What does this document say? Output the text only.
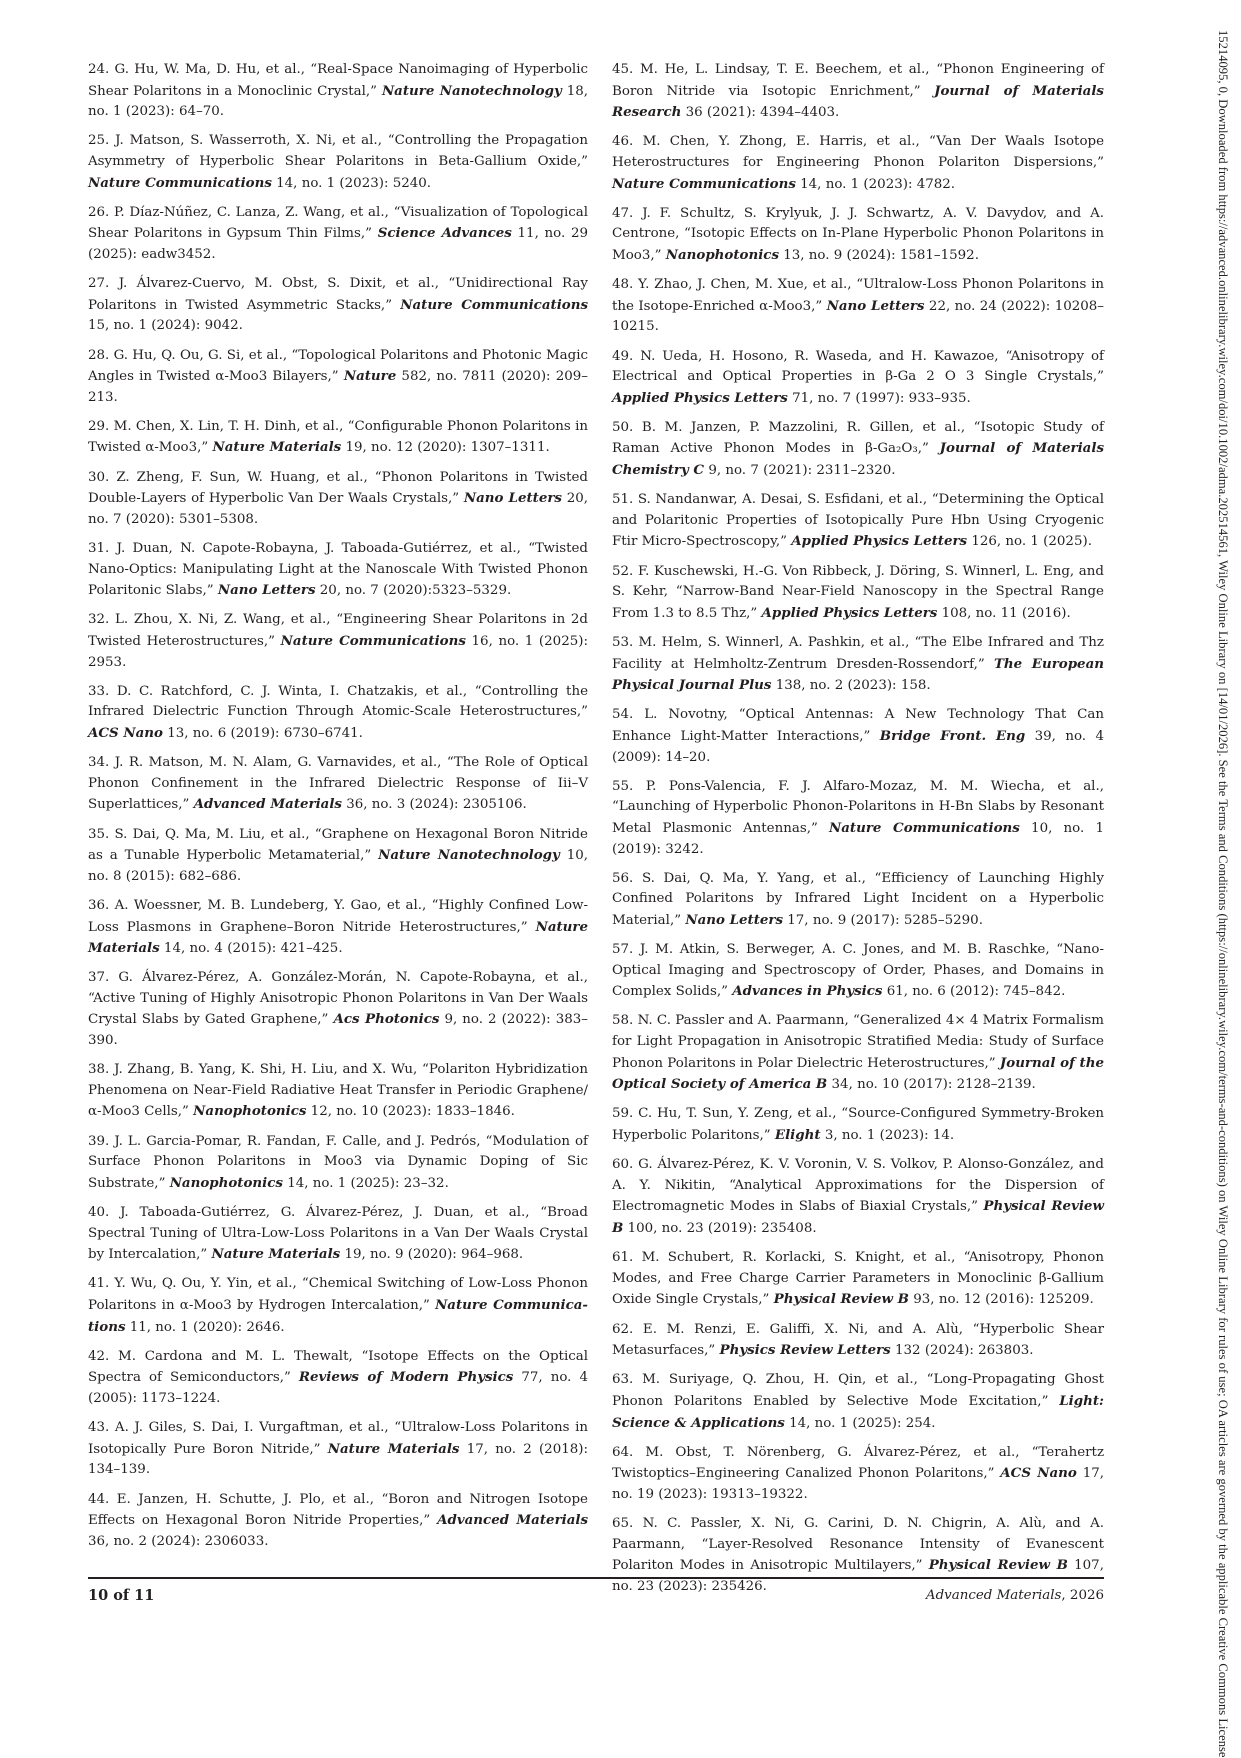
24. G. Hu, W. Ma, D. Hu, et al., “Real-Space Nanoimaging of Hyperbolic Shear Polaritons in a Monoclinic Crystal,” Nature Nanotechnology 18, no. 1 (2023): 64–70.

25. J. Matson, S. Wasserroth, X. Ni, et al., “Controlling the Propagation Asymmetry of Hyperbolic Shear Polaritons in Beta-Gallium Oxide,” Nature Communications 14, no. 1 (2023): 5240.

26. P. Díaz-Núñez, C. Lanza, Z. Wang, et al., “Visualization of Topological Shear Polaritons in Gypsum Thin Films,” Science Advances 11, no. 29 (2025): eadw3452.

27. J. Álvarez-Cuervo, M. Obst, S. Dixit, et al., “Unidirectional Ray Polaritons in Twisted Asymmetric Stacks,” Nature Communications 15, no. 1 (2024): 9042.

28. G. Hu, Q. Ou, G. Si, et al., “Topological Polaritons and Photonic Magic Angles in Twisted α-Moo3 Bilayers,” Nature 582, no. 7811 (2020): 209–213.

29. M. Chen, X. Lin, T. H. Dinh, et al., “Configurable Phonon Polaritons in Twisted α-Moo3,” Nature Materials 19, no. 12 (2020): 1307–1311.

30. Z. Zheng, F. Sun, W. Huang, et al., “Phonon Polaritons in Twisted Double-Layers of Hyperbolic Van Der Waals Crystals,” Nano Letters 20, no. 7 (2020): 5301–5308.

31. J. Duan, N. Capote-Robayna, J. Taboada-Gutiérrez, et al., “Twisted Nano-Optics: Manipulating Light at the Nanoscale With Twisted Phonon Polaritonic Slabs,” Nano Letters 20, no. 7 (2020):5323–5329.

32. L. Zhou, X. Ni, Z. Wang, et al., “Engineering Shear Polaritons in 2d Twisted Heterostructures,” Nature Communications 16, no. 1 (2025): 2953.

33. D. C. Ratchford, C. J. Winta, I. Chatzakis, et al., “Controlling the Infrared Dielectric Function Through Atomic-Scale Heterostructures,” ACS Nano 13, no. 6 (2019): 6730–6741.

34. J. R. Matson, M. N. Alam, G. Varnavides, et al., “The Role of Optical Phonon Confinement in the Infrared Dielectric Response of Iii–V Superlattices,” Advanced Materials 36, no. 3 (2024): 2305106.

35. S. Dai, Q. Ma, M. Liu, et al., “Graphene on Hexagonal Boron Nitride as a Tunable Hyperbolic Metamaterial,” Nature Nanotechnology 10, no. 8 (2015): 682–686.

36. A. Woessner, M. B. Lundeberg, Y. Gao, et al., “Highly Confined Low-Loss Plasmons in Graphene–Boron Nitride Heterostructures,” Nature Materials 14, no. 4 (2015): 421–425.

37. G. Álvarez-Pérez, A. González-Morán, N. Capote-Robayna, et al., “Active Tuning of Highly Anisotropic Phonon Polaritons in Van Der Waals Crystal Slabs by Gated Graphene,” Acs Photonics 9, no. 2 (2022): 383–390.

38. J. Zhang, B. Yang, K. Shi, H. Liu, and X. Wu, “Polariton Hybridization Phenomena on Near-Field Radiative Heat Transfer in Periodic Graphene/α-Moo3 Cells,” Nanophotonics 12, no. 10 (2023): 1833–1846.

39. J. L. Garcia-Pomar, R. Fandan, F. Calle, and J. Pedrós, “Modulation of Surface Phonon Polaritons in Moo3 via Dynamic Doping of Sic Substrate,” Nanophotonics 14, no. 1 (2025): 23–32.

40. J. Taboada-Gutiérrez, G. Álvarez-Pérez, J. Duan, et al., “Broad Spectral Tuning of Ultra-Low-Loss Polaritons in a Van Der Waals Crystal by Intercalation,” Nature Materials 19, no. 9 (2020): 964–968.

41. Y. Wu, Q. Ou, Y. Yin, et al., “Chemical Switching of Low-Loss Phonon Polaritons in α-Moo3 by Hydrogen Intercalation,” Nature Communica-tions 11, no. 1 (2020): 2646.

42. M. Cardona and M. L. Thewalt, “Isotope Effects on the Optical Spectra of Semiconductors,” Reviews of Modern Physics 77, no. 4 (2005): 1173–1224.

43. A. J. Giles, S. Dai, I. Vurgaftman, et al., “Ultralow-Loss Polaritons in Isotopically Pure Boron Nitride,” Nature Materials 17, no. 2 (2018): 134–139.

44. E. Janzen, H. Schutte, J. Plo, et al., “Boron and Nitrogen Isotope Effects on Hexagonal Boron Nitride Properties,” Advanced Materials 36, no. 2 (2024): 2306033.

45. M. He, L. Lindsay, T. E. Beechem, et al., “Phonon Engineering of Boron Nitride via Isotopic Enrichment,” Journal of Materials Research 36 (2021): 4394–4403.

46. M. Chen, Y. Zhong, E. Harris, et al., “Van Der Waals Isotope Heterostructures for Engineering Phonon Polariton Dispersions,” Nature Communications 14, no. 1 (2023): 4782.

47. J. F. Schultz, S. Krylyuk, J. J. Schwartz, A. V. Davydov, and A. Centrone, “Isotopic Effects on In-Plane Hyperbolic Phonon Polaritons in Moo3,” Nanophotonics 13, no. 9 (2024): 1581–1592.

48. Y. Zhao, J. Chen, M. Xue, et al., “Ultralow-Loss Phonon Polaritons in the Isotope-Enriched α-Moo3,” Nano Letters 22, no. 24 (2022): 10208–10215.

49. N. Ueda, H. Hosono, R. Waseda, and H. Kawazoe, “Anisotropy of Electrical and Optical Properties in β-Ga 2 O 3 Single Crystals,” Applied Physics Letters 71, no. 7 (1997): 933–935.

50. B. M. Janzen, P. Mazzolini, R. Gillen, et al., “Isotopic Study of Raman Active Phonon Modes in β-Ga₂O₃,” Journal of Materials Chemistry C 9, no. 7 (2021): 2311–2320.

51. S. Nandanwar, A. Desai, S. Esfidani, et al., “Determining the Optical and Polaritonic Properties of Isotopically Pure Hbn Using Cryogenic Ftir Micro-Spectroscopy,” Applied Physics Letters 126, no. 1 (2025).

52. F. Kuschewski, H.-G. Von Ribbeck, J. Döring, S. Winnerl, L. Eng, and S. Kehr, “Narrow-Band Near-Field Nanoscopy in the Spectral Range From 1.3 to 8.5 Thz,” Applied Physics Letters 108, no. 11 (2016).

53. M. Helm, S. Winnerl, A. Pashkin, et al., “The Elbe Infrared and Thz Facility at Helmholtz-Zentrum Dresden-Rossendorf,” The European Physical Journal Plus 138, no. 2 (2023): 158.

54. L. Novotny, “Optical Antennas: A New Technology That Can Enhance Light-Matter Interactions,” Bridge Front. Eng 39, no. 4 (2009): 14–20.

55. P. Pons-Valencia, F. J. Alfaro-Mozaz, M. M. Wiecha, et al., “Launching of Hyperbolic Phonon-Polaritons in H-Bn Slabs by Resonant Metal Plasmonic Antennas,” Nature Communications 10, no. 1 (2019): 3242.

56. S. Dai, Q. Ma, Y. Yang, et al., “Efficiency of Launching Highly Confined Polaritons by Infrared Light Incident on a Hyperbolic Material,” Nano Letters 17, no. 9 (2017): 5285–5290.

57. J. M. Atkin, S. Berweger, A. C. Jones, and M. B. Raschke, “Nano-Optical Imaging and Spectroscopy of Order, Phases, and Domains in Complex Solids,” Advances in Physics 61, no. 6 (2012): 745–842.

58. N. C. Passler and A. Paarmann, “Generalized 4× 4 Matrix Formalism for Light Propagation in Anisotropic Stratified Media: Study of Surface Phonon Polaritons in Polar Dielectric Heterostructures,” Journal of the Optical Society of America B 34, no. 10 (2017): 2128–2139.

59. C. Hu, T. Sun, Y. Zeng, et al., “Source-Configured Symmetry-Broken Hyperbolic Polaritons,” Elight 3, no. 1 (2023): 14.

60. G. Álvarez-Pérez, K. V. Voronin, V. S. Volkov, P. Alonso-González, and A. Y. Nikitin, “Analytical Approximations for the Dispersion of Electromagnetic Modes in Slabs of Biaxial Crystals,” Physical Review B 100, no. 23 (2019): 235408.

61. M. Schubert, R. Korlacki, S. Knight, et al., “Anisotropy, Phonon Modes, and Free Charge Carrier Parameters in Monoclinic β-Gallium Oxide Single Crystals,” Physical Review B 93, no. 12 (2016): 125209.

62. E. M. Renzi, E. Galiffi, X. Ni, and A. Alù, “Hyperbolic Shear Metasurfaces,” Physics Review Letters 132 (2024): 263803.

63. M. Suriyage, Q. Zhou, H. Qin, et al., “Long-Propagating Ghost Phonon Polaritons Enabled by Selective Mode Excitation,” Light: Science & Applications 14, no. 1 (2025): 254.

64. M. Obst, T. Nörenberg, G. Álvarez-Pérez, et al., “Terahertz Twistoptics–Engineering Canalized Phonon Polaritons,” ACS Nano 17, no. 19 (2023): 19313–19322.

65. N. C. Passler, X. Ni, G. Carini, D. N. Chigrin, A. Alù, and A. Paarmann, “Layer-Resolved Resonance Intensity of Evanescent Polariton Modes in Anisotropic Multilayers,” Physical Review B 107, no. 23 (2023): 235426.

10 of 11	Advanced Materials, 2026	15214095, 0, Downloaded from https://advanced.onlinelibrary.wiley.com/doi/10.1002/adma.202514561, Wiley Online Library on [14/01/2026]. See the Terms and Conditions (https://onlinelibrary.wiley.com/terms-and-conditions) on Wiley Online Library for rules of use; OA articles are governed by the applicable Creative Commons License
